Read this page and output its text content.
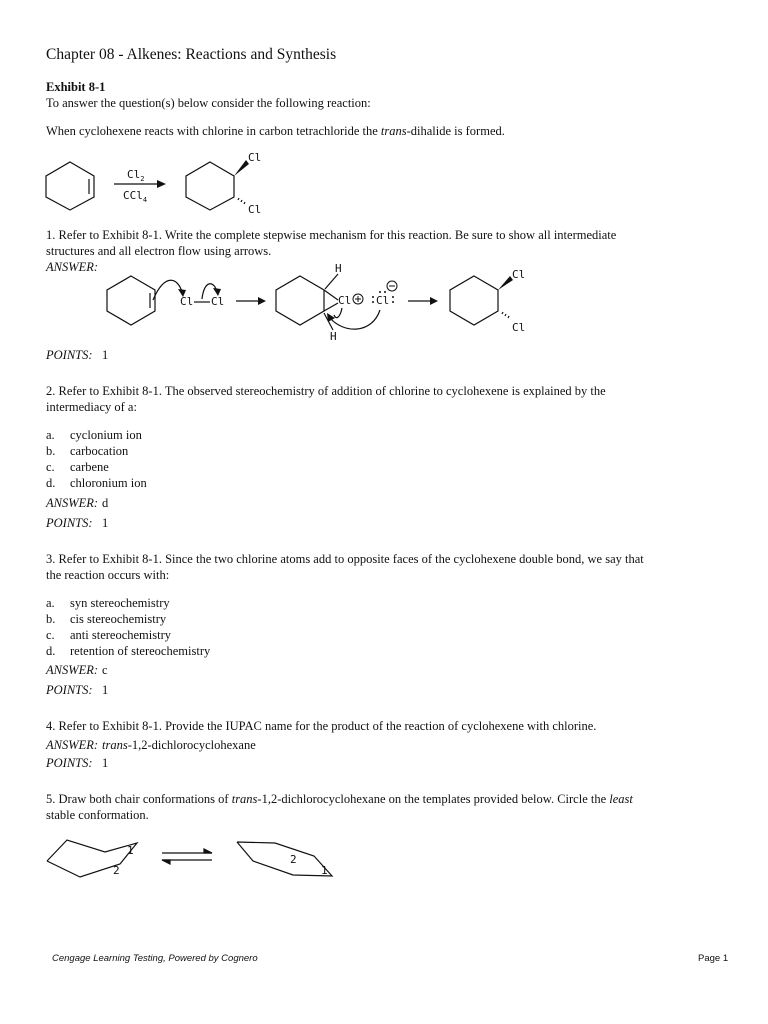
Chapter 08 - Alkenes: Reactions and Synthesis
Exhibit 8-1
To answer the question(s) below consider the following reaction:
When cyclohexene reacts with chlorine in carbon tetrachloride the trans-dihalide is formed.
$Cl_2$
CCl$_4$
Cl
Cl
1. Refer to Exhibit 8-1. Write the complete stepwise mechanism for this reaction. Be sure to show all intermediate
structures and all electron flow using arrows.
ANSWER:
Cl Cl
H
H
Cl Cl
Cl
Cl
POINTS: 1
2. Refer to Exhibit 8-1. The observed stereochemistry of addition of chlorine to cyclohexene is explained by the
intermediacy of a:
a. cyclonium ion
b. carbocation
c. carbene
d. chloronium ion
ANSWER: d
POINTS: 1
3. Refer to Exhibit 8-1. Since the two chlorine atoms add to opposite faces of the cyclohexene double bond, we say that
the reaction occurs with:
a. syn stereochemistry
b. cis stereochemistry
c. anti stereochemistry
d. retention of stereochemistry
ANSWER: c
POINTS: 1
4. Refer to Exhibit 8-1. Provide the IUPAC name for the product of the reaction of cyclohexene with chlorine.
ANSWER: trans-1,2-dichlorocyclohexane
POINTS: 1
5. Draw both chair conformations of trans-1,2-dichlorocyclohexane on the templates provided below. Circle the least
stable conformation.
1
2
2
1
Cengage Learning Testing, Powered by Cognero	Page 1
